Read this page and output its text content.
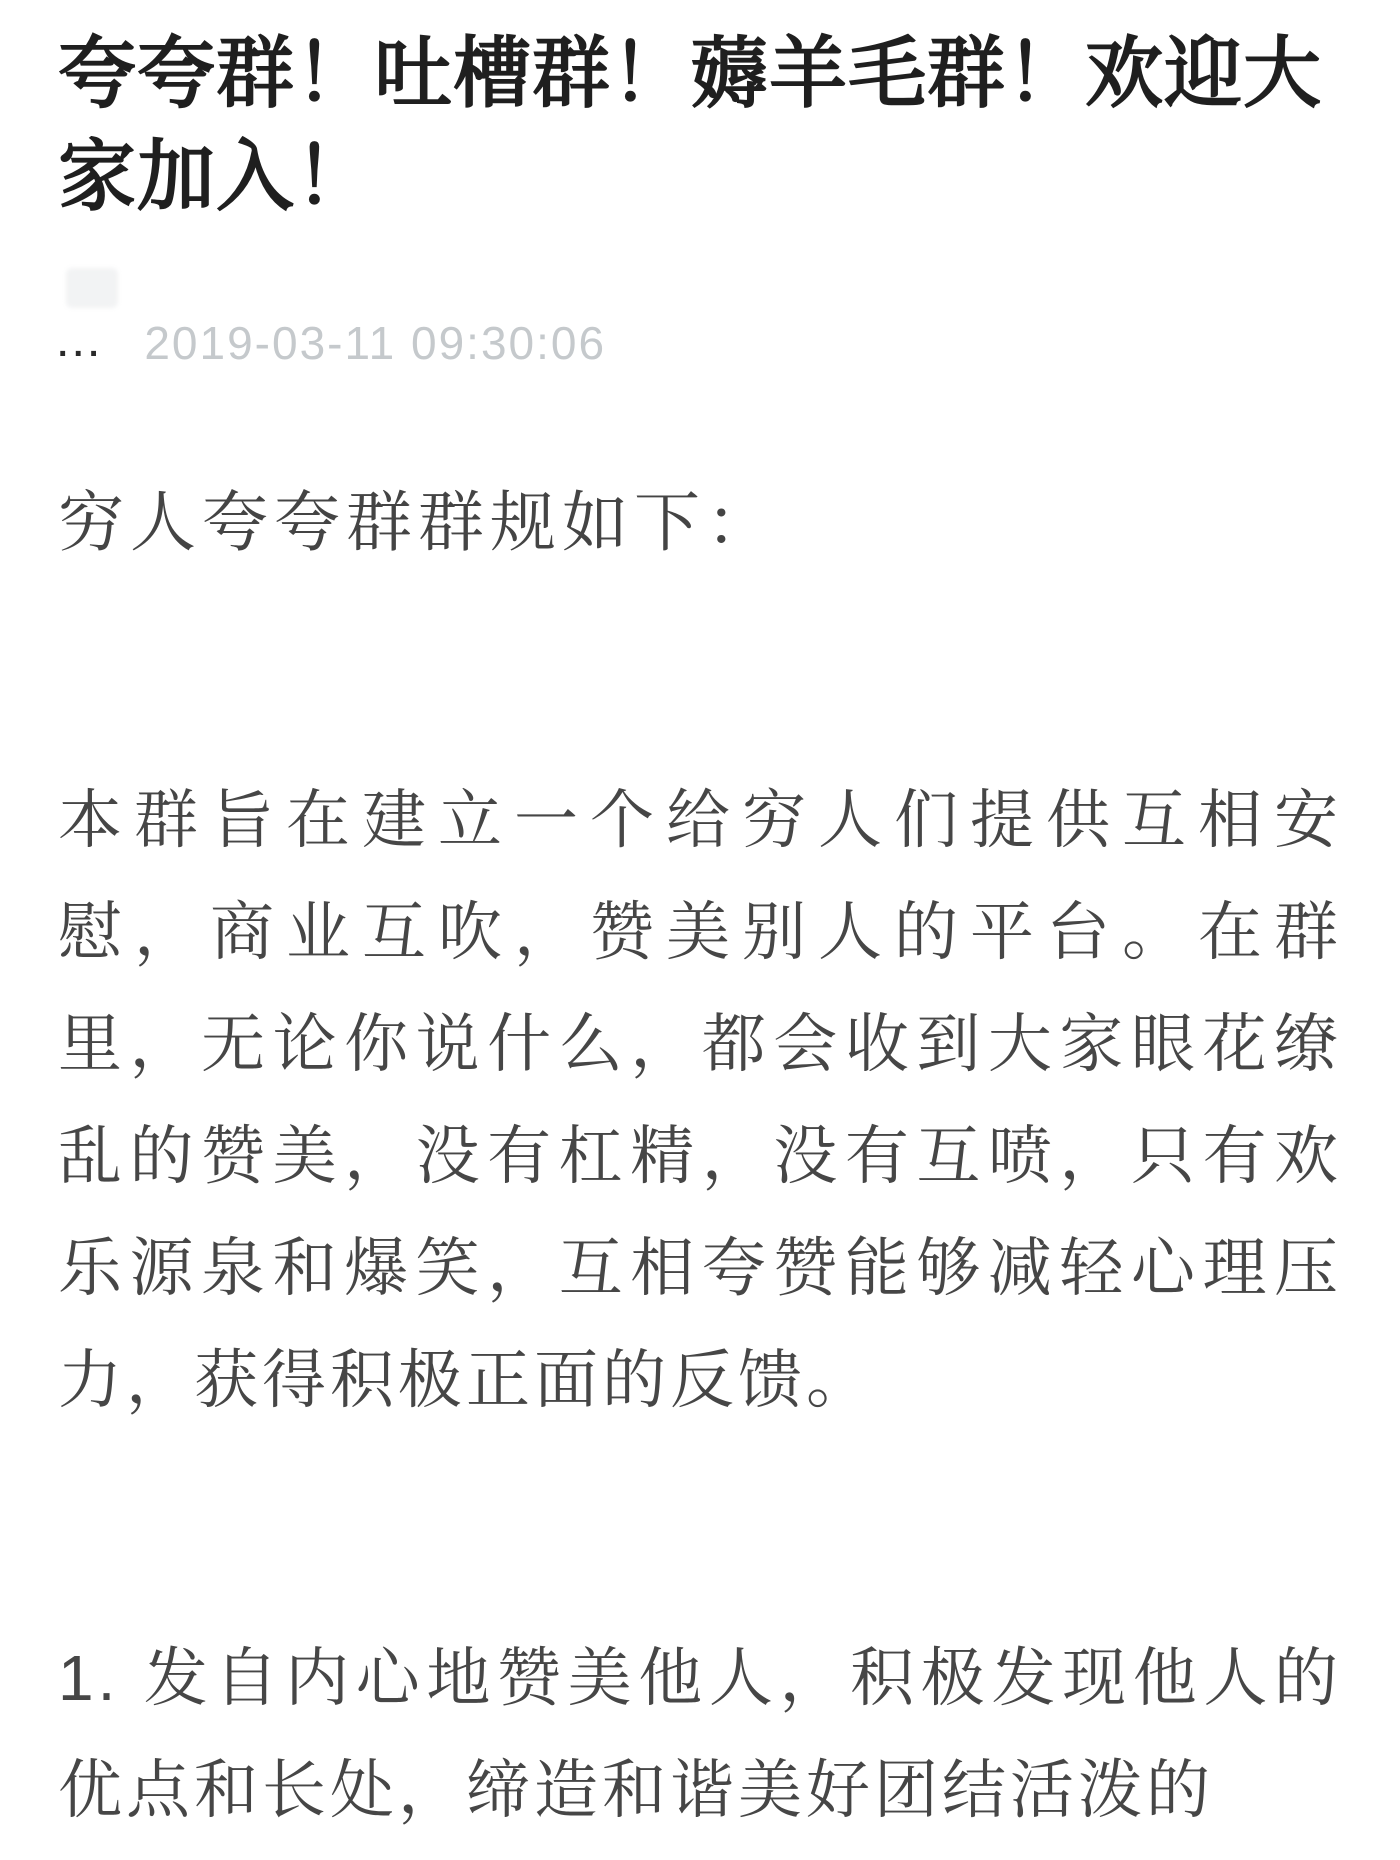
夸夸群！吐槽群！薅羊毛群！欢迎大家加入！
... 2019-03-11 09:30:06
穷人夸夸群群规如下：

本群旨在建立一个给穷人们提供互相安慰，商业互吹，赞美别人的平台。在群里，无论你说什么，都会收到大家眼花缭乱的赞美，没有杠精，没有互喷，只有欢乐源泉和爆笑，互相夸赞能够减轻心理压力，获得积极正面的反馈。

1. 发自内心地赞美他人，积极发现他人的优点和长处，缔造和谐美好团结活泼的
